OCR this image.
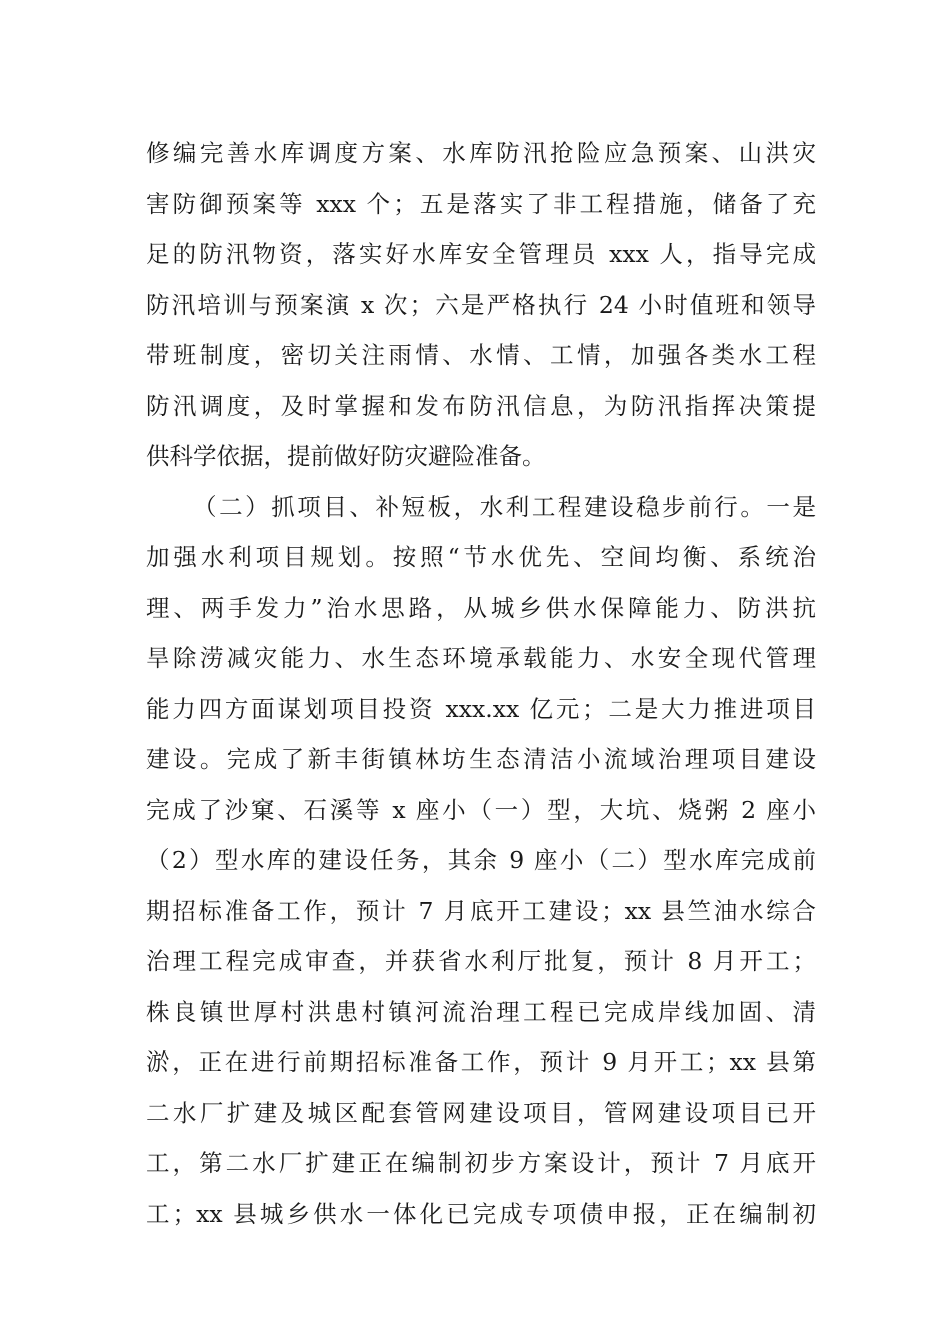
修编完善水库调度方案、水库防汛抢险应急预案、山洪灾
害防御预案等 xxx 个；五是落实了非工程措施，储备了充
足的防汛物资，落实好水库安全管理员 xxx 人，指导完成
防汛培训与预案演 x 次；六是严格执行 24 小时值班和领导
带班制度，密切关注雨情、水情、工情，加强各类水工程
防汛调度，及时掌握和发布防汛信息，为防汛指挥决策提
供科学依据，提前做好防灾避险准备。
（二）抓项目、补短板，水利工程建设稳步前行。一是
加强水利项目规划。按照“节水优先、空间均衡、系统治
理、两手发力”治水思路，从城乡供水保障能力、防洪抗
旱除涝减灾能力、水生态环境承载能力、水安全现代管理
能力四方面谋划项目投资 xxx.xx 亿元；二是大力推进项目
建设。完成了新丰街镇林坊生态清洁小流域治理项目建设
完成了沙窠、石溪等 x 座小（一）型，大坑、烧粥 2 座小
（2）型水库的建设任务，其余 9 座小（二）型水库完成前
期招标准备工作，预计 7 月底开工建设；xx 县竺油水综合
治理工程完成审查，并获省水利厅批复，预计 8 月开工；
株良镇世厚村洪患村镇河流治理工程已完成岸线加固、清
淤，正在进行前期招标准备工作，预计 9 月开工；xx 县第
二水厂扩建及城区配套管网建设项目，管网建设项目已开
工，第二水厂扩建正在编制初步方案设计，预计 7 月底开
工；xx 县城乡供水一体化已完成专项债申报，正在编制初
